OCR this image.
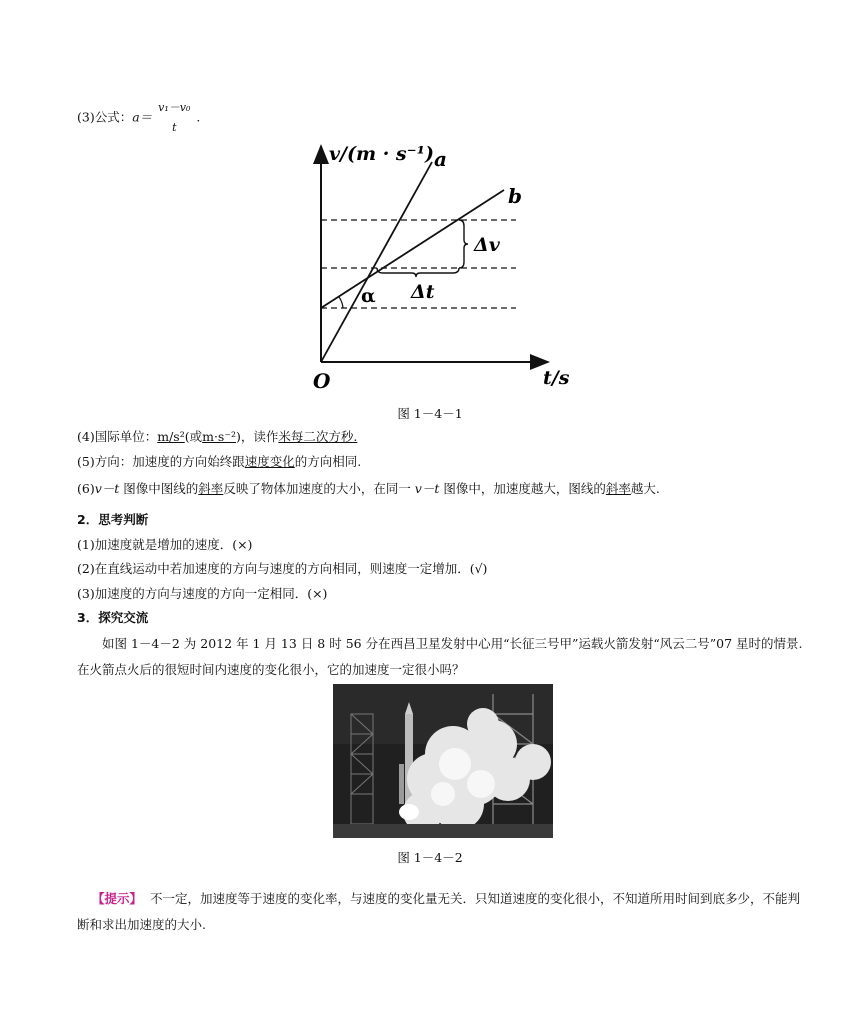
(3)公式：$a= \frac{\text{v₁－v₀}}{t}$ .
v/(m · s⁻¹)
t/s
O
a
b
Δv
Δt
α
图 1－4－1
(4)国际单位：m/s²(或m·s⁻²)，读作米每二次方秒.
(5)方向：加速度的方向始终跟速度变化的方向相同.
(6)v－t 图像中图线的斜率反映了物体加速度的大小，在同一 v－t 图像中，加速度越大，图线的斜率越大.
2．思考判断
(1)加速度就是增加的速度．(×)
(2)在直线运动中若加速度的方向与速度的方向相同，则速度一定增加．(√)
(3)加速度的方向与速度的方向一定相同．(×)
3．探究交流
如图 1－4－2 为 2012 年 1 月 13 日 8 时 56 分在西昌卫星发射中心用“长征三号甲”运载火箭发射“风云二号”07 星时的情景. 在火箭点火后的很短时间内速度的变化很小，它的加速度一定很小吗？
图 1－4－2
【提示】 不一定，加速度等于速度的变化率，与速度的变化量无关．只知道速度的变化很小，不知道所用时间到底多少，不能判断和求出加速度的大小.
